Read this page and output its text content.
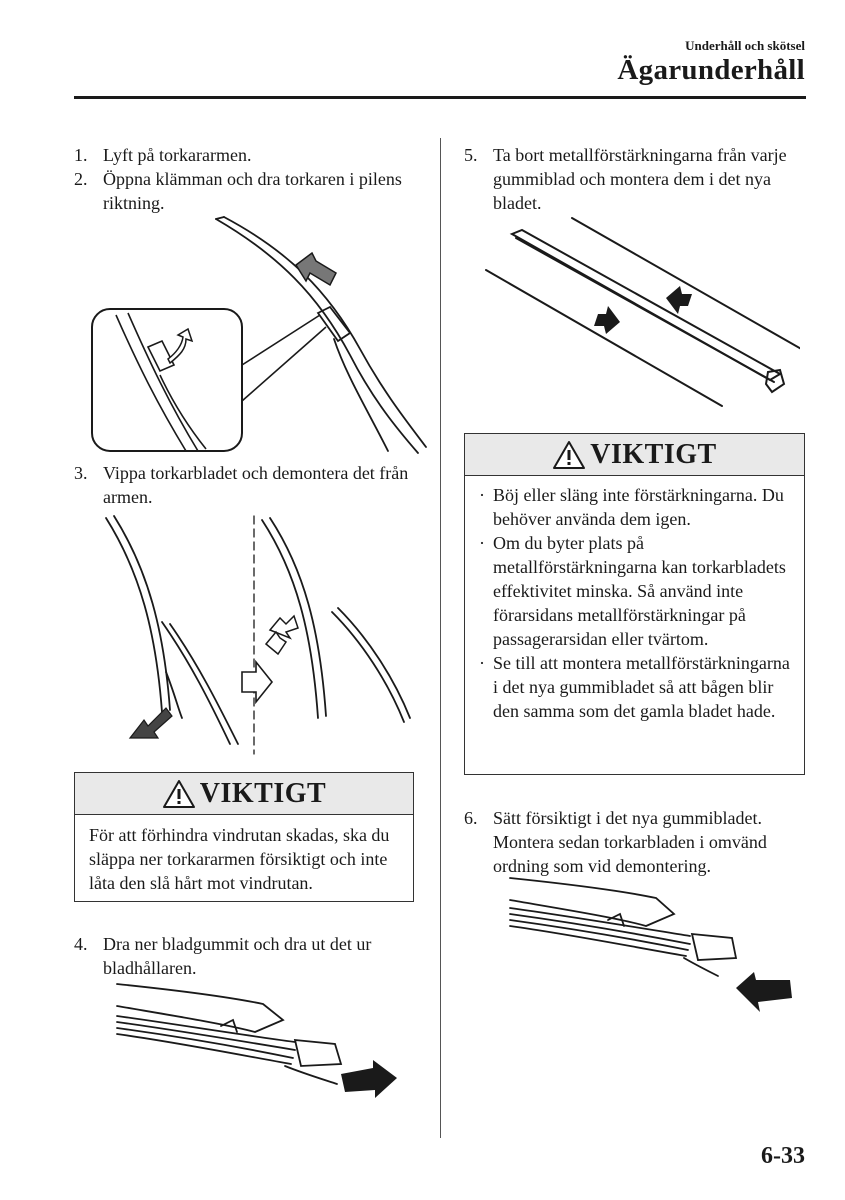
Underhåll och skötsel
Ägarunderhåll
1. Lyft på torkararmen.
2. Öppna klämman och dra torkaren i pilens riktning.
3. Vippa torkarbladet och demontera det från armen.
VIKTIGT
För att förhindra vindrutan skadas, ska du släppa ner torkararmen försiktigt och inte låta den slå hårt mot vindrutan.
4. Dra ner bladgummit och dra ut det ur bladhållaren.
5. Ta bort metallförstärkningarna från varje gummiblad och montera dem i det nya bladet.
VIKTIGT
· Böj eller släng inte förstärkningarna. Du behöver använda dem igen.
· Om du byter plats på metallförstärkningarna kan torkarbladets effektivitet minska. Så använd inte förarsidans metallförstärkningar på passagerarsidan eller tvärtom.
· Se till att montera metallförstärkningarna i det nya gummibladet så att bågen blir den samma som det gamla bladet hade.
6. Sätt försiktigt i det nya gummibladet. Montera sedan torkarbladen i omvänd ordning som vid demontering.
6-33
